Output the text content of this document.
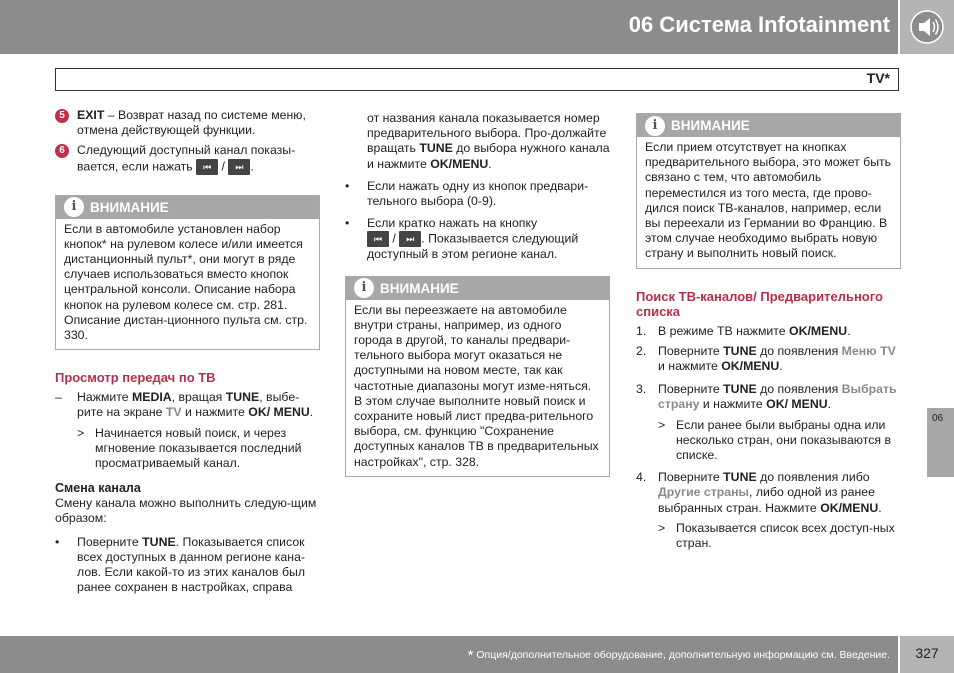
06 Система Infotainment
TV*
5 EXIT – Возврат назад по системе меню, отмена действующей функции.
6 Следующий доступный канал показы-вается, если нажать ⏮ / ⏭ .
i	ВНИМАНИЕ
Если в автомобиле установлен набор кнопок* на рулевом колесе и/или имеется дистанционный пульт*, они могут в ряде случаев использоваться вместо кнопок центральной консоли. Описание набора кнопок на рулевом колесе см. стр. 281. Описание дистан-ционного пульта см. стр. 330.
Просмотр передач по ТВ
–	Нажмите MEDIA, вращая TUNE, выбе-рите на экране TV и нажмите OK/ MENU.
> Начинается новый поиск, и через мгновение показывается последний просматриваемый канал.
Смена канала
Смену канала можно выполнить следую-щим образом:
•	Поверните TUNE. Показывается список всех доступных в данном регионе кана-лов. Если какой-то из этих каналов был ранее сохранен в настройках, справа
от названия канала показывается номер предварительного выбора. Про-должайте вращать TUNE до выбора нужного канала и нажмите OK/MENU.
•	Если нажать одну из кнопок предвари-тельного выбора (0-9).
•	Если кратко нажать на кнопку
⏮ / ⏭ . Показывается следующий доступный в этом регионе канал.
i	ВНИМАНИЕ
Если вы переезжаете на автомобиле внутри страны, например, из одного города в другой, то каналы предвари-тельного выбора могут оказаться не доступными на новом месте, так как частотные диапазоны могут изме-няться. В этом случае выполните новый поиск и сохраните новый лист предва-рительного выбора, см. функцию "Сохранение доступных каналов ТВ в предварительных настройках", стр. 328.
i	ВНИМАНИЕ
Если прием отсутствует на кнопках предварительного выбора, это может быть связано с тем, что автомобиль переместился из того места, где прово-дился поиск ТВ-каналов, например, если вы переехали из Германии во Францию. В этом случае необходимо выбрать новую страну и выполнить новый поиск.
Поиск ТВ-каналов/ Предварительного списка
1. В режиме ТВ нажмите OK/MENU.
2. Поверните TUNE до появления Меню TV и нажмите OK/MENU.
3. Поверните TUNE до появления Выбрать страну и нажмите OK/ MENU.
> Если ранее были выбраны одна или несколько стран, они показываются в списке.
4. Поверните TUNE до появления либо Другие страны, либо одной из ранее выбранных стран. Нажмите OK/MENU.
> Показывается список всех доступ-ных стран.
06
* Опция/дополнительное оборудование, дополнительную информацию см. Введение.	327
